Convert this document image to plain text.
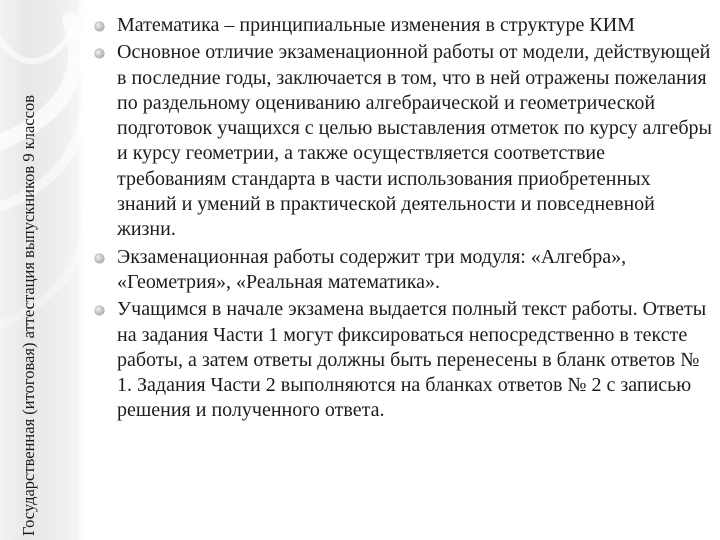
Государственная (итоговая) аттестация выпускников 9 классов
Математика – принципиальные изменения в структуре КИМ
Основное отличие экзаменационной работы от модели, действующей в последние годы, заключается в том, что в ней отражены пожелания по раздельному оцениванию алгебраической и геометрической подготовок учащихся с целью выставления отметок по курсу алгебры и курсу геометрии, а также осуществляется соответствие требованиям стандарта в части использования приобретенных знаний и умений в практической деятельности и повседневной жизни.
Экзаменационная работы содержит три модуля: «Алгебра», «Геометрия», «Реальная математика».
Учащимся в начале экзамена выдается полный текст работы. Ответы на задания Части 1 могут фиксироваться непосредственно в тексте работы, а затем ответы должны быть перенесены в бланк ответов № 1. Задания Части 2 выполняются на бланках ответов № 2 с записью решения и полученного ответа.
